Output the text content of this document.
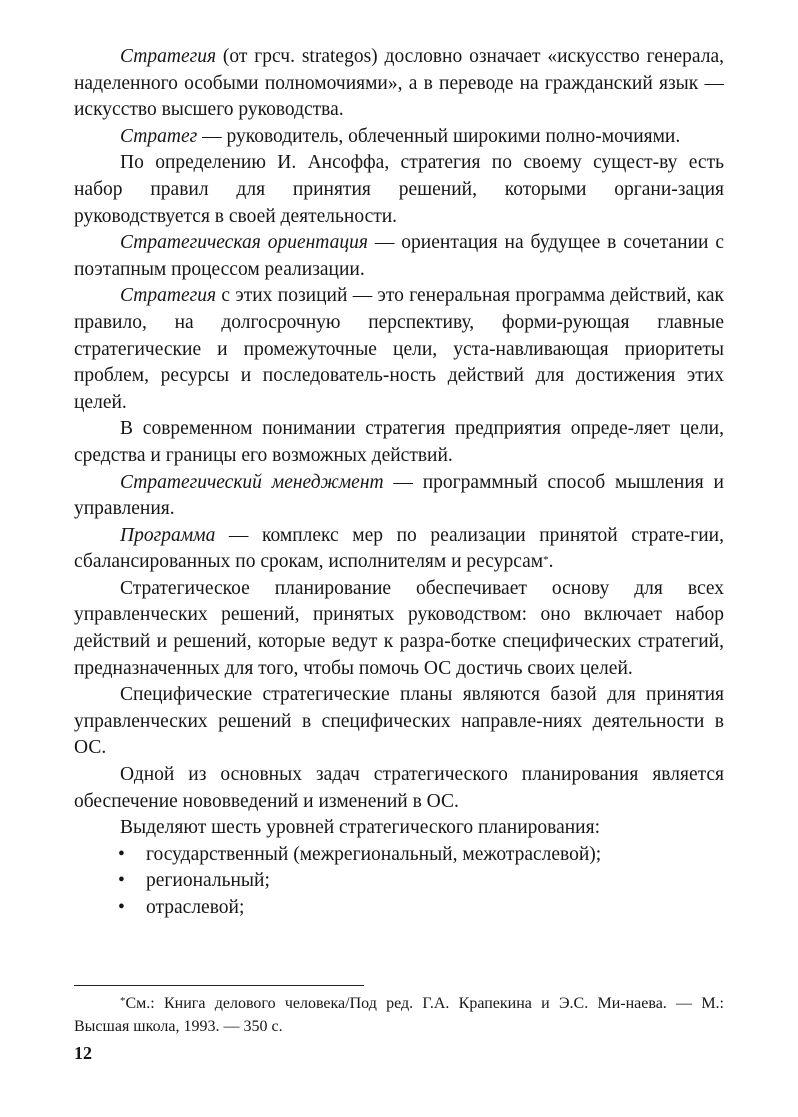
Стратегия (от грсч. strategos) дословно означает «искусство генерала, наделенного особыми полномочиями», а в переводе на гражданский язык — искусство высшего руководства.

Стратег — руководитель, облеченный широкими полно-мочиями.

По определению И. Ансоффа, стратегия по своему сущест-ву есть набор правил для принятия решений, которыми органи-зация руководствуется в своей деятельности.

Стратегическая ориентация — ориентация на будущее в сочетании с поэтапным процессом реализации.

Стратегия с этих позиций — это генеральная программа действий, как правило, на долгосрочную перспективу, форми-рующая главные стратегические и промежуточные цели, уста-навливающая приоритеты проблем, ресурсы и последователь-ность действий для достижения этих целей.

В современном понимании стратегия предприятия опреде-ляет цели, средства и границы его возможных действий.

Стратегический менеджмент — программный способ мышления и управления.

Программа — комплекс мер по реализации принятой страте-гии, сбалансированных по срокам, исполнителям и ресурсам*.

Стратегическое планирование обеспечивает основу для всех управленческих решений, принятых руководством: оно включает набор действий и решений, которые ведут к разра-ботке специфических стратегий, предназначенных для того, чтобы помочь ОС достичь своих целей.

Специфические стратегические планы являются базой для принятия управленческих решений в специфических направле-ниях деятельности в ОС.

Одной из основных задач стратегического планирования является обеспечение нововведений и изменений в ОС.

Выделяют шесть уровней стратегического планирования:

• государственный (межрегиональный, межотраслевой);
• региональный;
• отраслевой;
*См.: Книга делового человека/Под ред. Г.А. Крапекина и Э.С. Ми-наева. — М.: Высшая школа, 1993. — 350 с.
12
